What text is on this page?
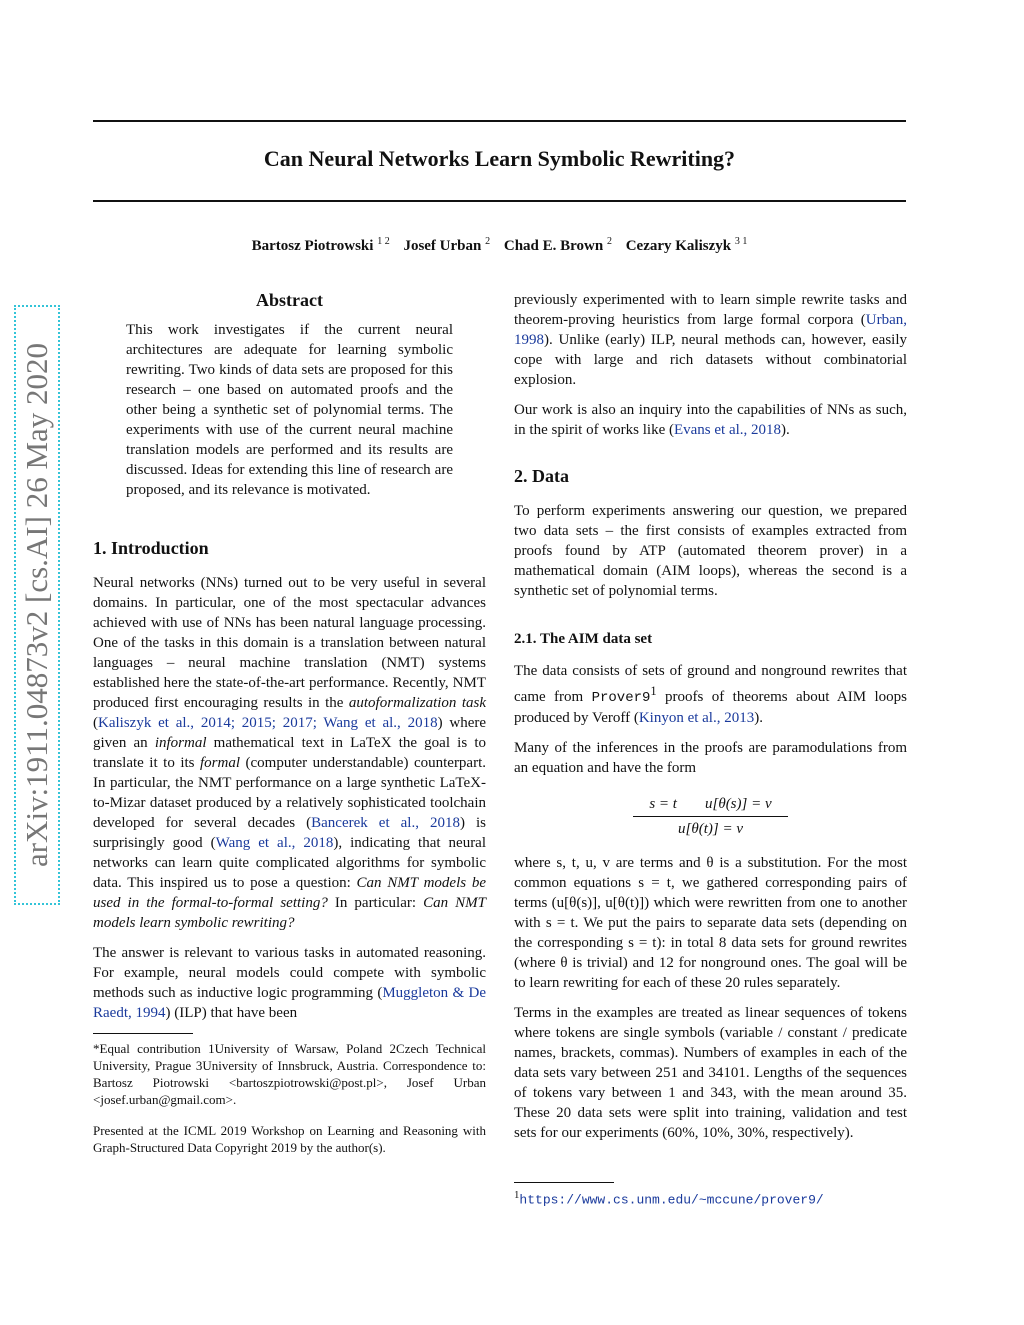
Can Neural Networks Learn Symbolic Rewriting?
Bartosz Piotrowski $^{1 2}$ Josef Urban $^2$ Chad E. Brown $^2$ Cezary Kaliszyk $^{3 1}$
arXiv:1911.04873v2 [cs.AI] 26 May 2020
Abstract

This work investigates if the current neural architectures are adequate for learning symbolic rewriting. Two kinds of data sets are proposed for this research – one based on automated proofs and the other being a synthetic set of polynomial terms. The experiments with use of the current neural machine translation models are performed and its results are discussed. Ideas for extending this line of research are proposed, and its relevance is motivated.

1. Introduction

Neural networks (NNs) turned out to be very useful in several domains. In particular, one of the most spectacular advances achieved with use of NNs has been natural language processing. One of the tasks in this domain is a translation between natural languages – neural machine translation (NMT) systems established here the state-of-the-art performance. Recently, NMT produced first encouraging results in the autoformalization task (Kaliszyk et al., 2014; 2015; 2017; Wang et al., 2018) where given an informal mathematical text in LaTeX the goal is to translate it to its formal (computer understandable) counterpart. In particular, the NMT performance on a large synthetic LaTeX-to-Mizar dataset produced by a relatively sophisticated toolchain developed for several decades (Bancerek et al., 2018) is surprisingly good (Wang et al., 2018), indicating that neural networks can learn quite complicated algorithms for symbolic data. This inspired us to pose a question: Can NMT models be used in the formal-to-formal setting? In particular: Can NMT models learn symbolic rewriting?

The answer is relevant to various tasks in automated reasoning. For example, neural models could compete with symbolic methods such as inductive logic programming (Muggleton & De Raedt, 1994) (ILP) that have been

*Equal contribution 1University of Warsaw, Poland 2Czech Technical University, Prague 3University of Innsbruck, Austria. Correspondence to: Bartosz Piotrowski <bartoszpiotrowski@post.pl>, Josef Urban <josef.urban@gmail.com>.

Presented at the ICML 2019 Workshop on Learning and Reasoning with Graph-Structured Data Copyright 2019 by the author(s).

previously experimented with to learn simple rewrite tasks and theorem-proving heuristics from large formal corpora (Urban, 1998). Unlike (early) ILP, neural methods can, however, easily cope with large and rich datasets without combinatorial explosion.

Our work is also an inquiry into the capabilities of NNs as such, in the spirit of works like (Evans et al., 2018).

2. Data

To perform experiments answering our question, we prepared two data sets – the first consists of examples extracted from proofs found by ATP (automated theorem prover) in a mathematical domain (AIM loops), whereas the second is a synthetic set of polynomial terms.

2.1. The AIM data set

The data consists of sets of ground and nonground rewrites that came from $Prover9^1$ proofs of theorems about AIM loops produced by Veroff (Kinyon et al., 2013).

Many of the inferences in the proofs are paramodulations from an equation and have the form

$\frac{\text{s = t u[θ(s)] = v}}{u[\theta(t)] = v}$

where s, t, u, v are terms and θ is a substitution. For the most common equations s = t, we gathered corresponding pairs of terms (u[θ(s)], u[θ(t)]) which were rewritten from one to another with s = t. We put the pairs to separate data sets (depending on the corresponding s = t): in total 8 data sets for ground rewrites (where θ is trivial) and 12 for nonground ones. The goal will be to learn rewriting for each of these 20 rules separately.

Terms in the examples are treated as linear sequences of tokens where tokens are single symbols (variable / constant / predicate names, brackets, commas). Numbers of examples in each of the data sets vary between 251 and 34101. Lengths of the sequences of tokens vary between 1 and 343, with the mean around 35. These 20 data sets were split into training, validation and test sets for our experiments (60%, 10%, 30%, respectively).

$^1$https://www.cs.unm.edu/~mccune/prover9/
